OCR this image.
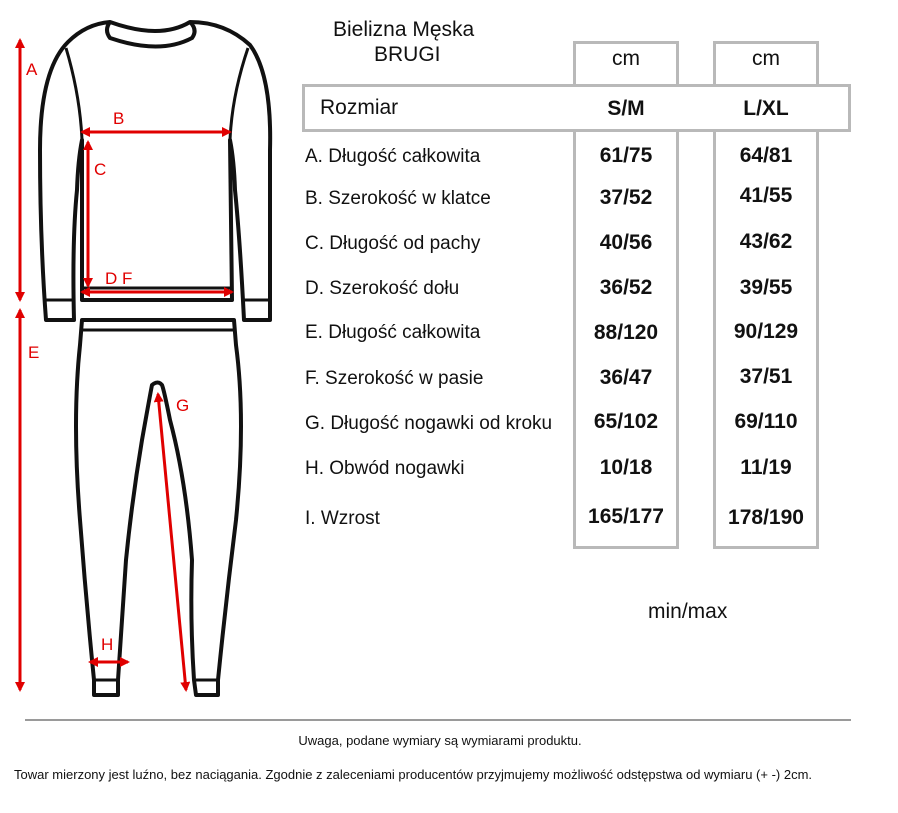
A
B
C
D F
E
G
H
Bielizna Męska
BRUGI	cm	cm
Rozmiar	S/M	L/XL
A. Długość całkowita	61/75	64/81
B. Szerokość w klatce	37/52	41/55
C. Długość od pachy	40/56	43/62
D. Szerokość dołu	36/52	39/55
E. Długość całkowita	88/120	90/129
F. Szerokość w pasie	36/47	37/51
G. Długość nogawki od kroku	65/102	69/110
H. Obwód nogawki	10/18	11/19
I. Wzrost	165/177	178/190
min/max
Uwaga, podane wymiary są wymiarami produktu.
Towar mierzony jest luźno, bez naciągania. Zgodnie z zaleceniami producentów przyjmujemy możliwość odstępstwa od wymiaru (+ -) 2cm.
